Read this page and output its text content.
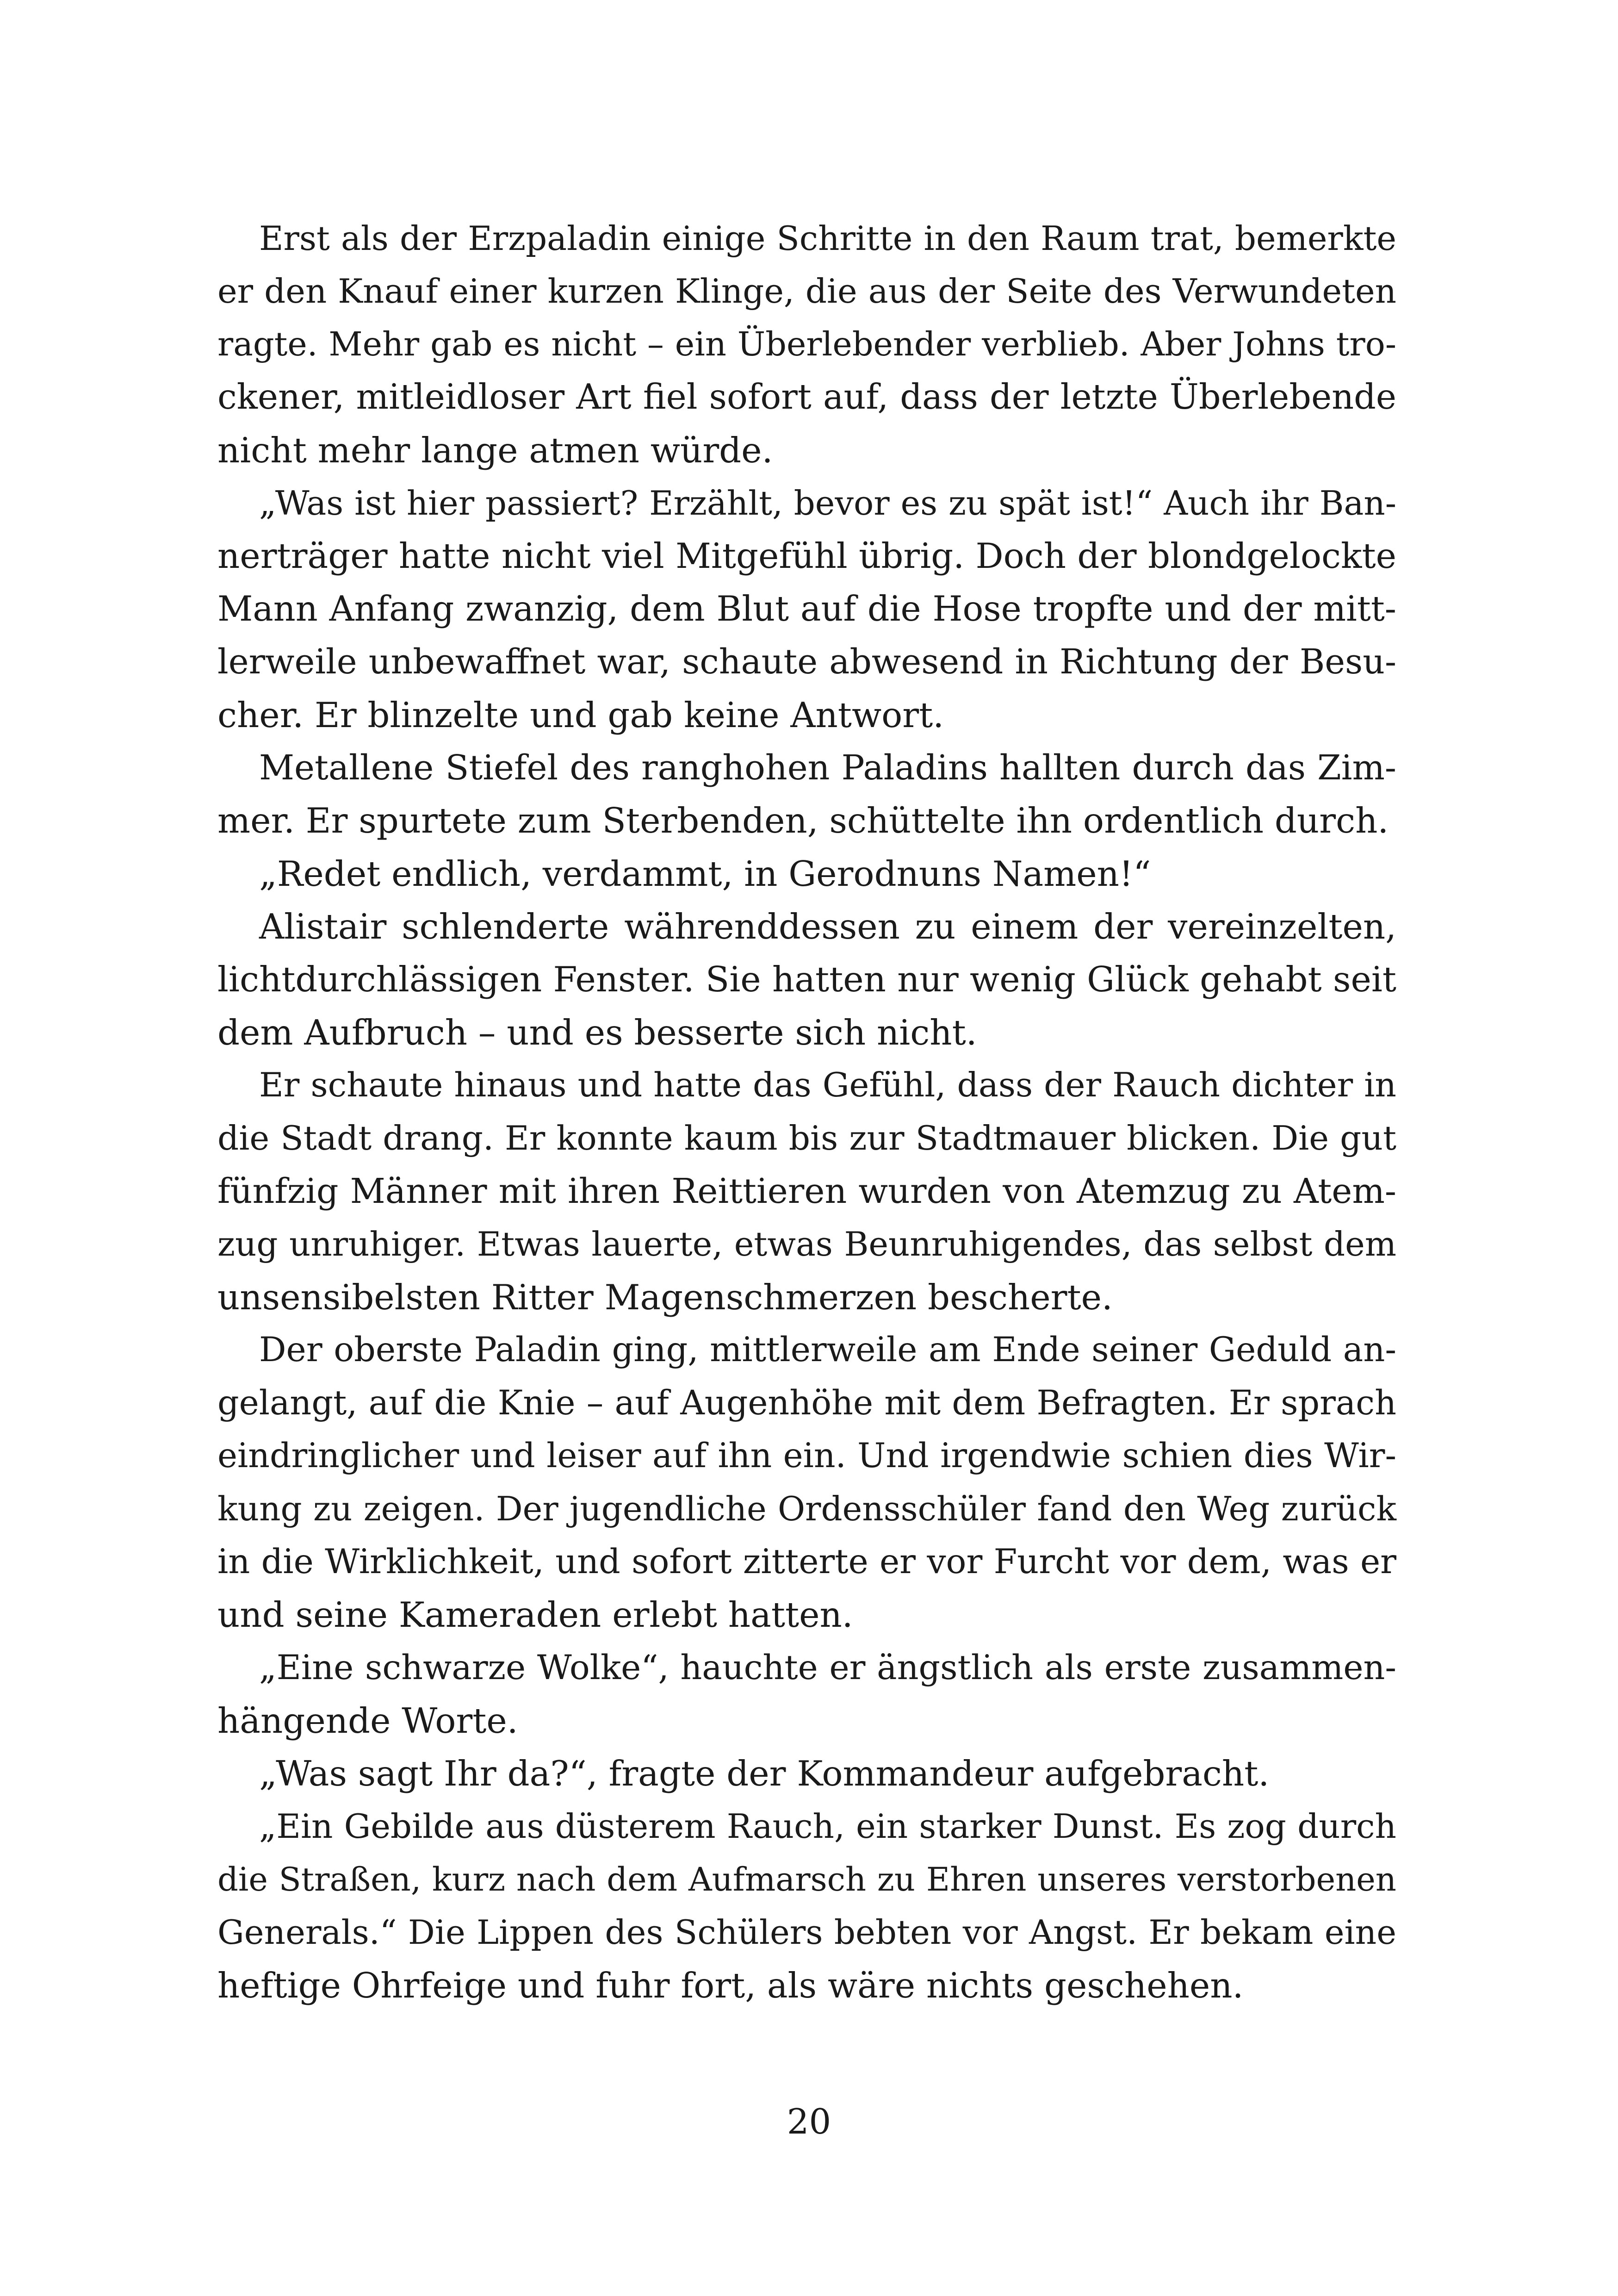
Erst als der Erzpaladin einige Schritte in den Raum trat, bemerkte
er den Knauf einer kurzen Klinge, die aus der Seite des Verwundeten
ragte. Mehr gab es nicht – ein Überlebender verblieb. Aber Johns tro-
ckener, mitleidloser Art fiel sofort auf, dass der letzte Überlebende
nicht mehr lange atmen würde.
„Was ist hier passiert? Erzählt, bevor es zu spät ist!“ Auch ihr Ban-
nerträger hatte nicht viel Mitgefühl übrig. Doch der blondgelockte
Mann Anfang zwanzig, dem Blut auf die Hose tropfte und der mitt-
lerweile unbewaffnet war, schaute abwesend in Richtung der Besu-
cher. Er blinzelte und gab keine Antwort.
Metallene Stiefel des ranghohen Paladins hallten durch das Zim-
mer. Er spurtete zum Sterbenden, schüttelte ihn ordentlich durch.
„Redet endlich, verdammt, in Gerodnuns Namen!“
Alistair schlenderte währenddessen zu einem der vereinzelten,
lichtdurchlässigen Fenster. Sie hatten nur wenig Glück gehabt seit
dem Aufbruch – und es besserte sich nicht.
Er schaute hinaus und hatte das Gefühl, dass der Rauch dichter in
die Stadt drang. Er konnte kaum bis zur Stadtmauer blicken. Die gut
fünfzig Männer mit ihren Reittieren wurden von Atemzug zu Atem-
zug unruhiger. Etwas lauerte, etwas Beunruhigendes, das selbst dem
unsensibelsten Ritter Magenschmerzen bescherte.
Der oberste Paladin ging, mittlerweile am Ende seiner Geduld an-
gelangt, auf die Knie – auf Augenhöhe mit dem Befragten. Er sprach
eindringlicher und leiser auf ihn ein. Und irgendwie schien dies Wir-
kung zu zeigen. Der jugendliche Ordensschüler fand den Weg zurück
in die Wirklichkeit, und sofort zitterte er vor Furcht vor dem, was er
und seine Kameraden erlebt hatten.
„Eine schwarze Wolke“, hauchte er ängstlich als erste zusammen-
hängende Worte.
„Was sagt Ihr da?“, fragte der Kommandeur aufgebracht.
„Ein Gebilde aus düsterem Rauch, ein starker Dunst. Es zog durch
die Straßen, kurz nach dem Aufmarsch zu Ehren unseres verstorbenen
Generals.“ Die Lippen des Schülers bebten vor Angst. Er bekam eine
heftige Ohrfeige und fuhr fort, als wäre nichts geschehen.
20
